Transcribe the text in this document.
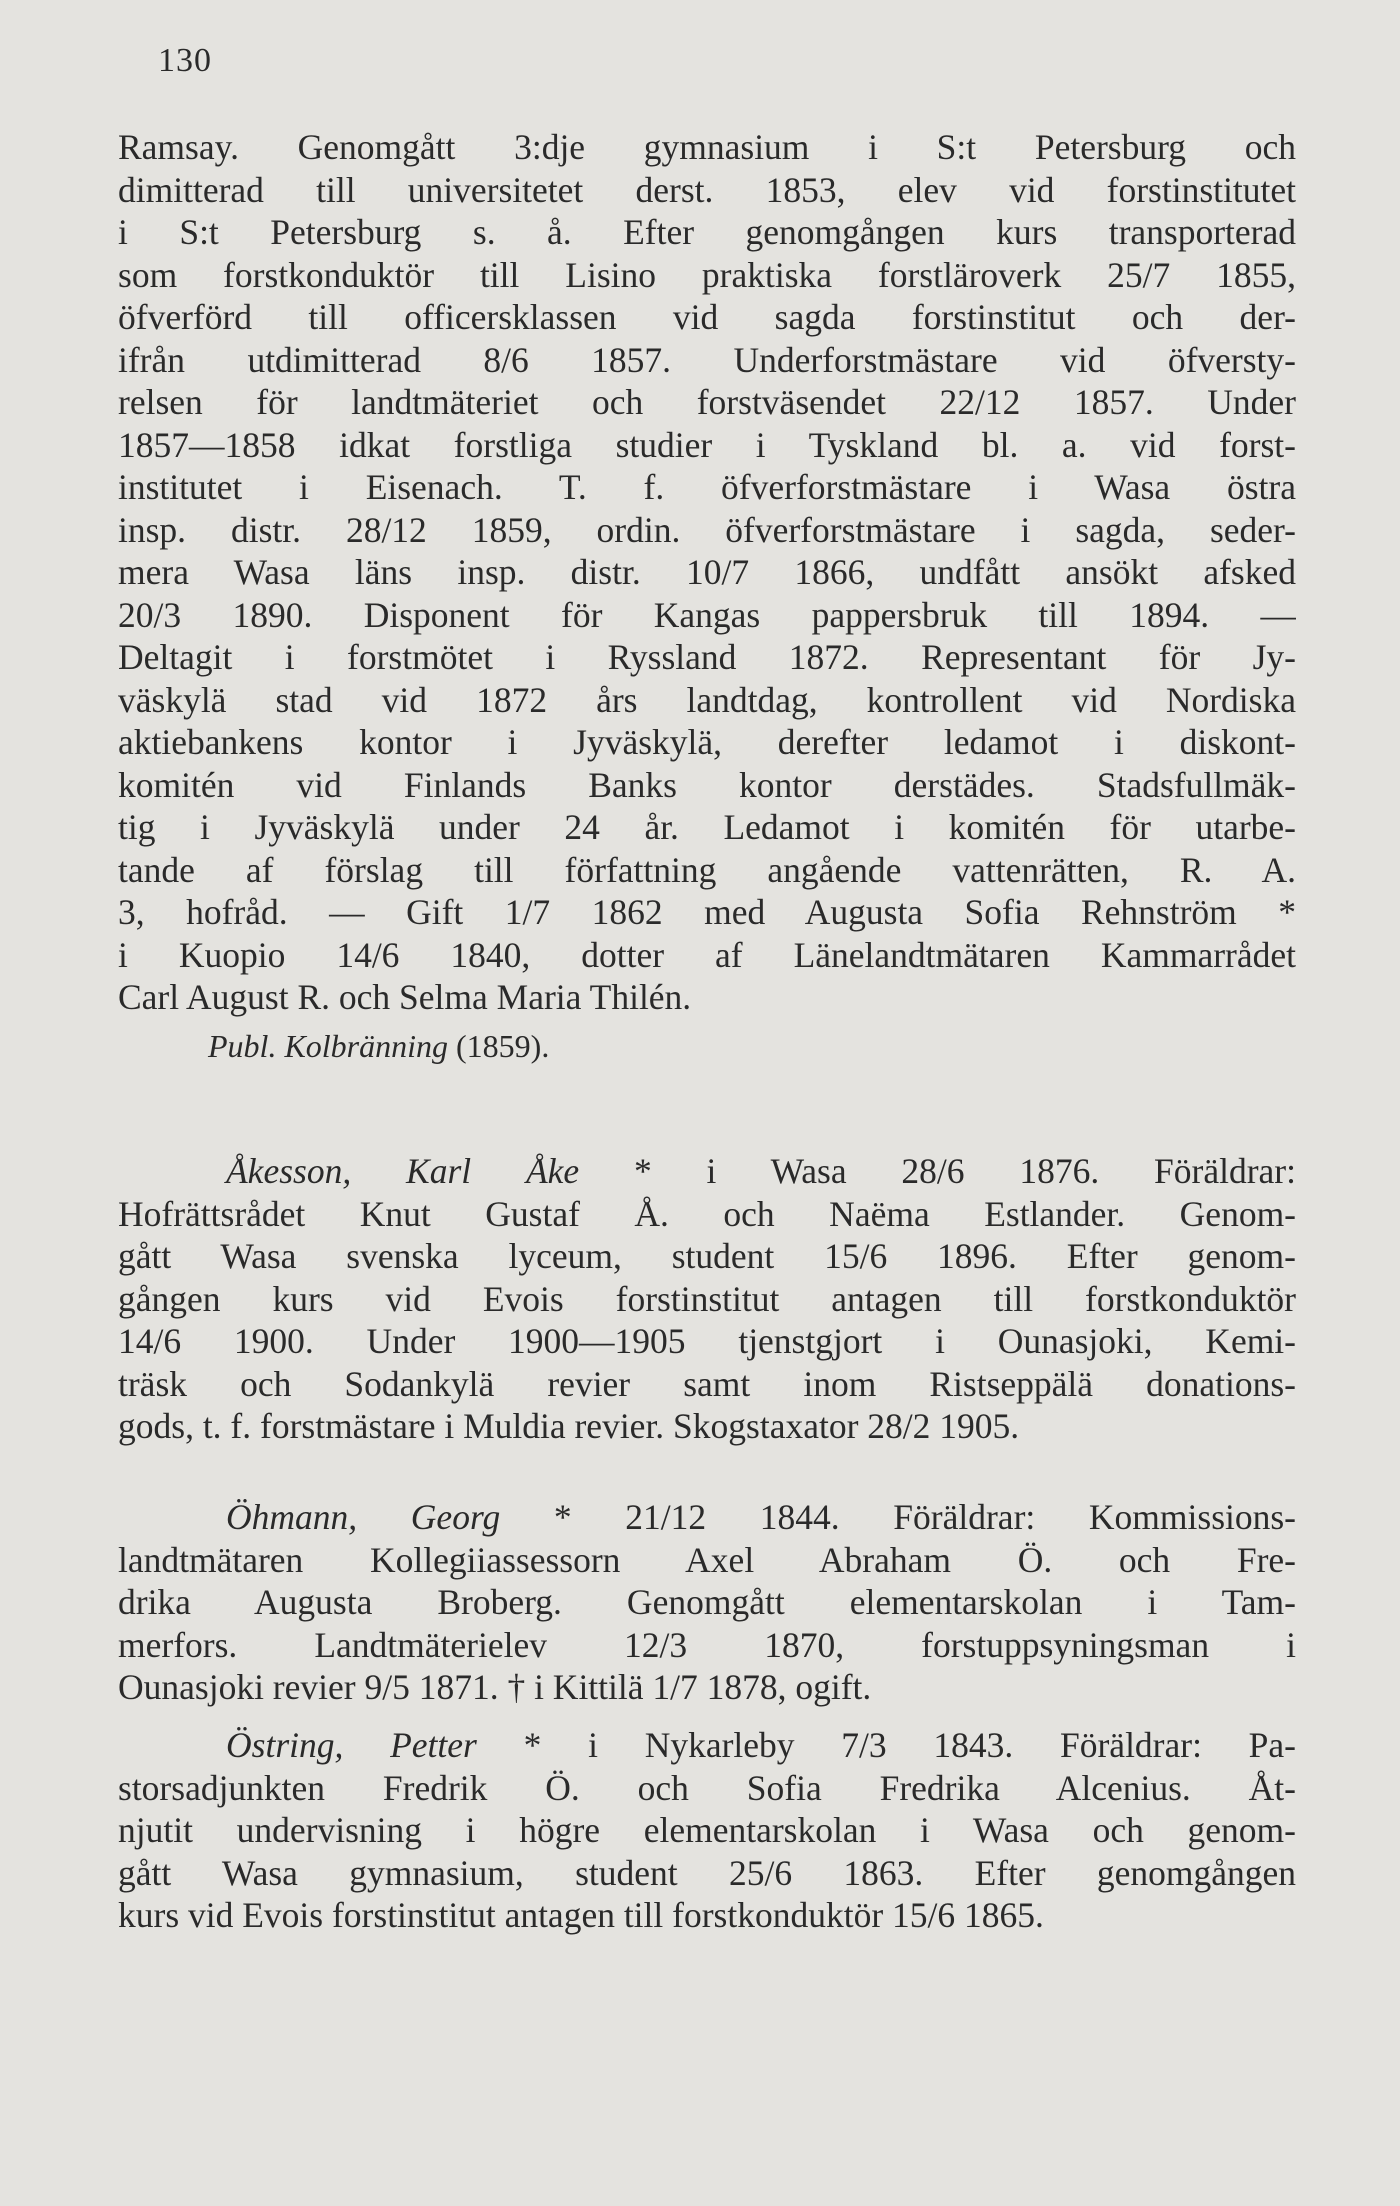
130
Ramsay. Genomgått 3:dje gymnasium i S:t Petersburg och
dimitterad till universitetet derst. 1853, elev vid forstinstitutet
i S:t Petersburg s. å. Efter genomgången kurs transporterad
som forstkonduktör till Lisino praktiska forstläroverk 25/7 1855,
öfverförd till officersklassen vid sagda forstinstitut och der-
ifrån utdimitterad 8/6 1857. Underforstmästare vid öfversty-
relsen för landtmäteriet och forstväsendet 22/12 1857. Under
1857—1858 idkat forstliga studier i Tyskland bl. a. vid forst-
institutet i Eisenach. T. f. öfverforstmästare i Wasa östra
insp. distr. 28/12 1859, ordin. öfverforstmästare i sagda, seder-
mera Wasa läns insp. distr. 10/7 1866, undfått ansökt afsked
20/3 1890. Disponent för Kangas pappersbruk till 1894. —
Deltagit i forstmötet i Ryssland 1872. Representant för Jy-
väskylä stad vid 1872 års landtdag, kontrollent vid Nordiska
aktiebankens kontor i Jyväskylä, derefter ledamot i diskont-
komitén vid Finlands Banks kontor derstädes. Stadsfullmäk-
tig i Jyväskylä under 24 år. Ledamot i komitén för utarbe-
tande af förslag till författning angående vattenrätten, R. A.
3, hofråd. — Gift 1/7 1862 med Augusta Sofia Rehnström *
i Kuopio 14/6 1840, dotter af Länelandtmätaren Kammarrådet
Carl August R. och Selma Maria Thilén.
Publ. Kolbränning (1859).
Åkesson, Karl Åke * i Wasa 28/6 1876. Föräldrar:
Hofrättsrådet Knut Gustaf Å. och Naëma Estlander. Genom-
gått Wasa svenska lyceum, student 15/6 1896. Efter genom-
gången kurs vid Evois forstinstitut antagen till forstkonduktör
14/6 1900. Under 1900—1905 tjenstgjort i Ounasjoki, Kemi-
träsk och Sodankylä revier samt inom Ristseppälä donations-
gods, t. f. forstmästare i Muldia revier. Skogstaxator 28/2 1905.
Öhmann, Georg * 21/12 1844. Föräldrar: Kommissions-
landtmätaren Kollegiiassessorn Axel Abraham Ö. och Fre-
drika Augusta Broberg. Genomgått elementarskolan i Tam-
merfors. Landtmäterielev 12/3 1870, forstuppsyningsman i
Ounasjoki revier 9/5 1871. † i Kittilä 1/7 1878, ogift.
Östring, Petter * i Nykarleby 7/3 1843. Föräldrar: Pa-
storsadjunkten Fredrik Ö. och Sofia Fredrika Alcenius. Åt-
njutit undervisning i högre elementarskolan i Wasa och genom-
gått Wasa gymnasium, student 25/6 1863. Efter genomgången
kurs vid Evois forstinstitut antagen till forstkonduktör 15/6 1865.
